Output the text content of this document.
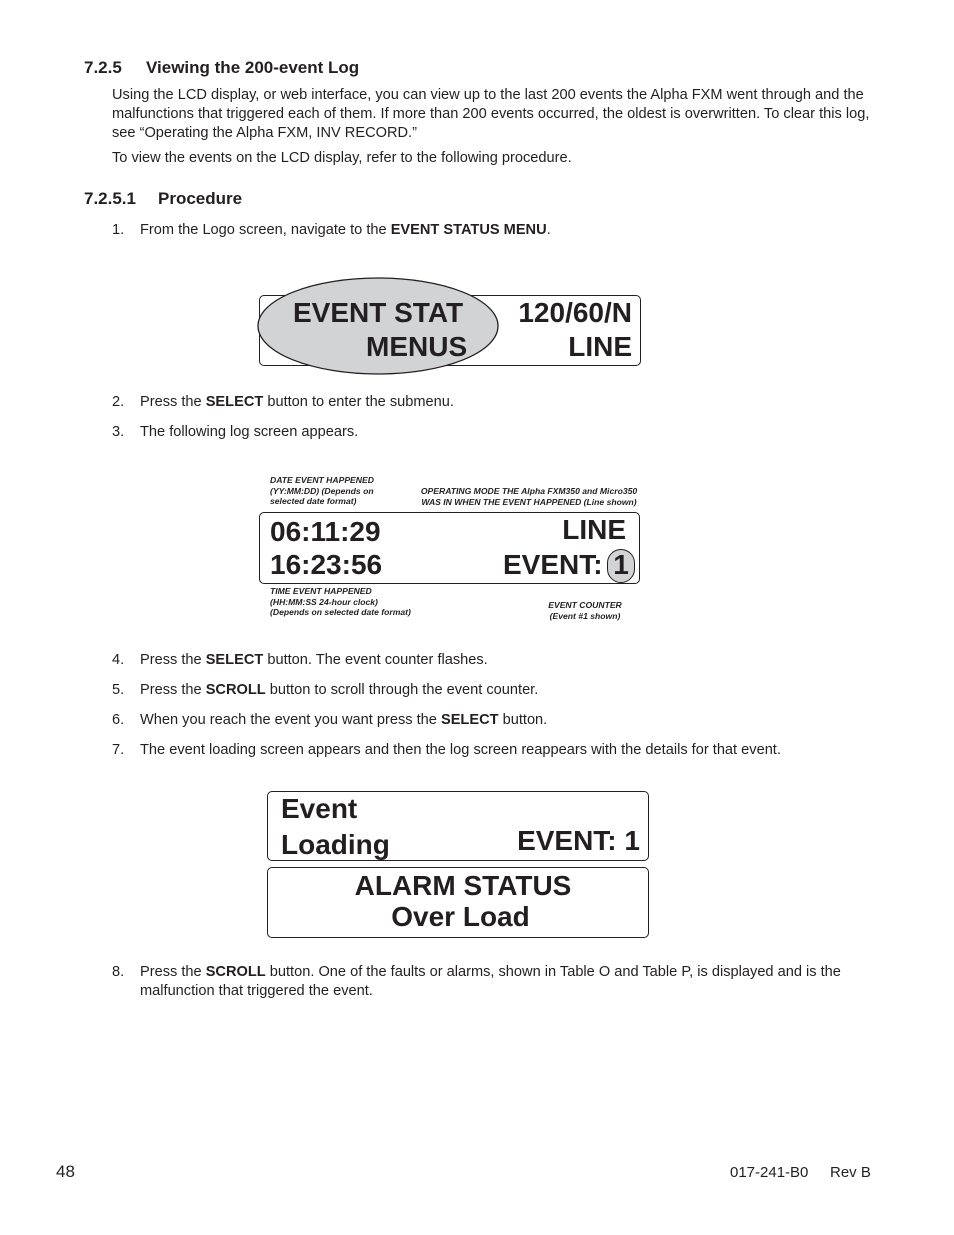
7.2.5 Viewing the 200-event Log
Using the LCD display, or web interface, you can view up to the last 200 events the Alpha FXM went through and the malfunctions that triggered each of them. If more than 200 events occurred, the oldest is overwritten. To clear this log, see “Operating the Alpha FXM, INV RECORD.”
To view the events on the LCD display, refer to the following procedure.
7.2.5.1 Procedure
1. From the Logo screen, navigate to the EVENT STATUS MENU.
EVENT STAT
MENUS
120/60/N
LINE
2. Press the SELECT button to enter the submenu.
3. The following log screen appears.
DATE EVENT HAPPENED
(YY:MM:DD) (Depends on
selected date format)
OPERATING MODE THE Alpha FXM350 and Micro350
WAS IN WHEN THE EVENT HAPPENED (Line shown)
06:11:29
16:23:56
LINE
EVENT: 1
TIME EVENT HAPPENED
(HH:MM:SS 24-hour clock)
(Depends on selected date format)
EVENT COUNTER
(Event #1 shown)
4. Press the SELECT button. The event counter flashes.
5. Press the SCROLL button to scroll through the event counter.
6. When you reach the event you want press the SELECT button.
7. The event loading screen appears and then the log screen reappears with the details for that event.
Event
Loading	EVENT: 1
ALARM STATUS
Over Load
8. Press the SCROLL button. One of the faults or alarms, shown in Table O and Table P, is displayed and is the malfunction that triggered the event.
48	017-241-B0 Rev B
